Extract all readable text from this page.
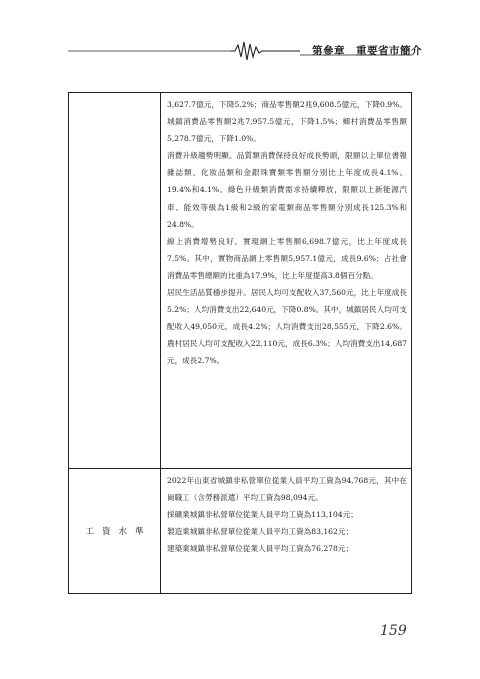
第參章　重要省市簡介

3,627.7億元，下降5.2%；商品零售額2兆9,608.5億元，下降0.9%。城鎮消費品零售額2兆7,957.5億元，下降1.5%；鄉村消費品零售額5,278.7億元，下降1.0%。

消費升級趨勢明顯。品質類消費保持良好成長勢頭，限額以上單位書報雜誌類、化妝品類和金銀珠寶類零售額分別比上年度成長4.1%、19.4%和4.1%。綠色升級類消費需求持續釋放，限額以上新能源汽車、能效等級為1級和2級的家電類商品零售額分別成長125.3%和24.8%。

線上消費增勢良好。實現網上零售額6,698.7億元，比上年度成長7.5%。其中，實物商品網上零售額5,957.1億元，成長9.6%；占社會消費品零售總額的比重為17.9%，比上年度提高3.8個百分點。

居民生活品質穩步提升。居民人均可支配收入37,560元，比上年度成長5.2%；人均消費支出22,640元，下降0.8%。其中，城鎮居民人均可支配收入49,050元，成長4.2%；人均消費支出28,555元，下降2.6%。農村居民人均可支配收入22,110元，成長6.3%；人均消費支出14,687元，成長2.7%。

工資水準

2022年山東省城鎮非私營單位從業人員平均工資為94,768元，其中在崗職工（含勞務派遣）平均工資為98,094元。

採礦業城鎮非私營單位從業人員平均工資為113,104元；

製造業城鎮非私營單位從業人員平均工資為83,162元；

建築業城鎮非私營單位從業人員平均工資為76,278元；

159
